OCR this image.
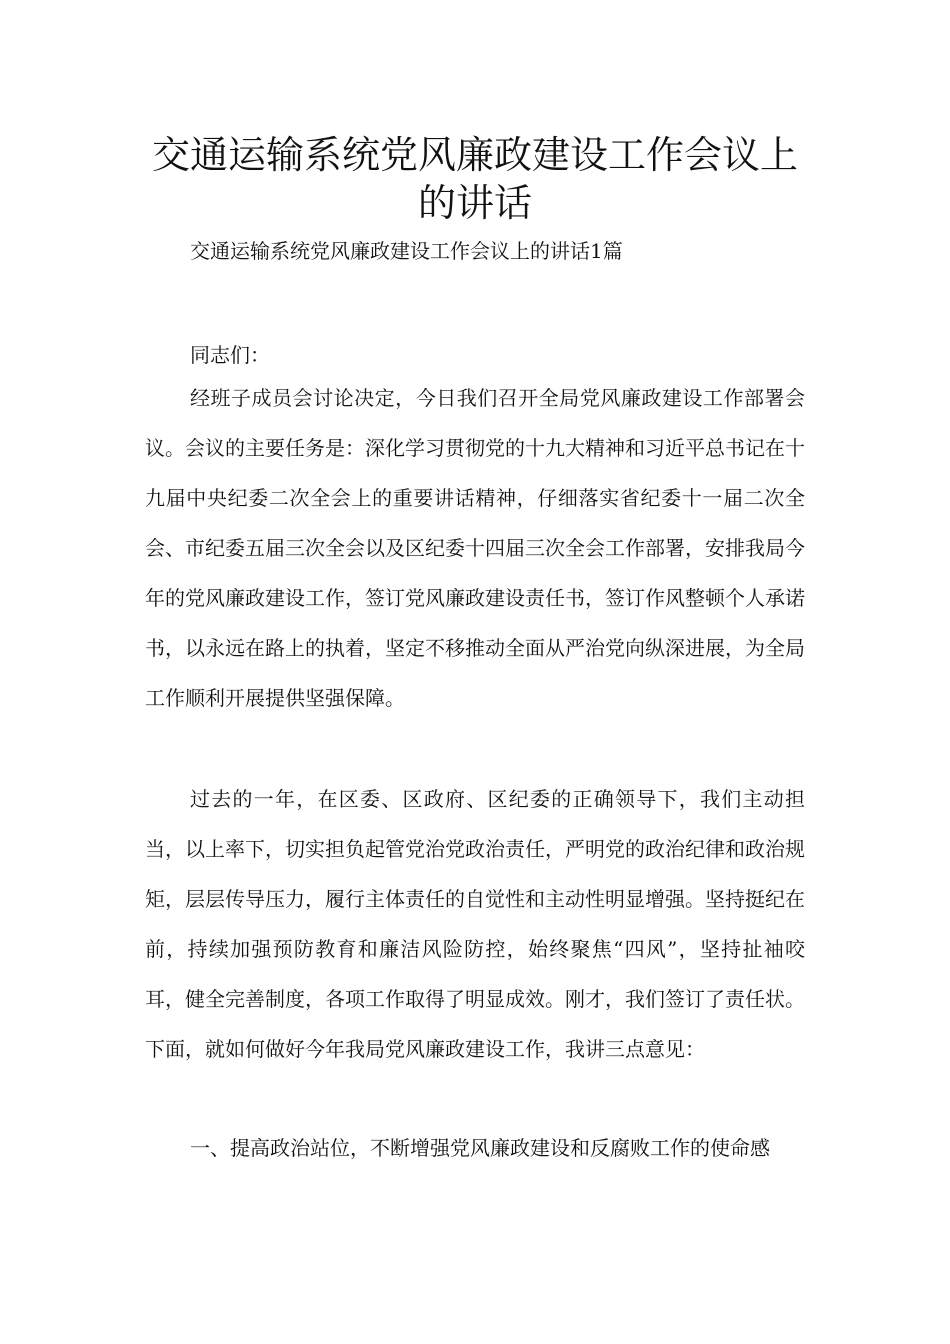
交通运输系统党风廉政建设工作会议上
的讲话

交通运输系统党风廉政建设工作会议上的讲话1篇

同志们：

经班子成员会讨论决定，今日我们召开全局党风廉政建设工作部署会议。会议的主要任务是：深化学习贯彻党的十九大精神和习近平总书记在十九届中央纪委二次全会上的重要讲话精神，仔细落实省纪委十一届二次全会、市纪委五届三次全会以及区纪委十四届三次全会工作部署，安排我局今年的党风廉政建设工作，签订党风廉政建设责任书，签订作风整顿个人承诺书，以永远在路上的执着，坚定不移推动全面从严治党向纵深进展，为全局工作顺利开展提供坚强保障。

过去的一年，在区委、区政府、区纪委的正确领导下，我们主动担当，以上率下，切实担负起管党治党政治责任，严明党的政治纪律和政治规矩，层层传导压力，履行主体责任的自觉性和主动性明显增强。坚持挺纪在前，持续加强预防教育和廉洁风险防控，始终聚焦“四风”，坚持扯袖咬耳，健全完善制度，各项工作取得了明显成效。刚才，我们签订了责任状。下面，就如何做好今年我局党风廉政建设工作，我讲三点意见：

一、提高政治站位，不断增强党风廉政建设和反腐败工作的使命感
